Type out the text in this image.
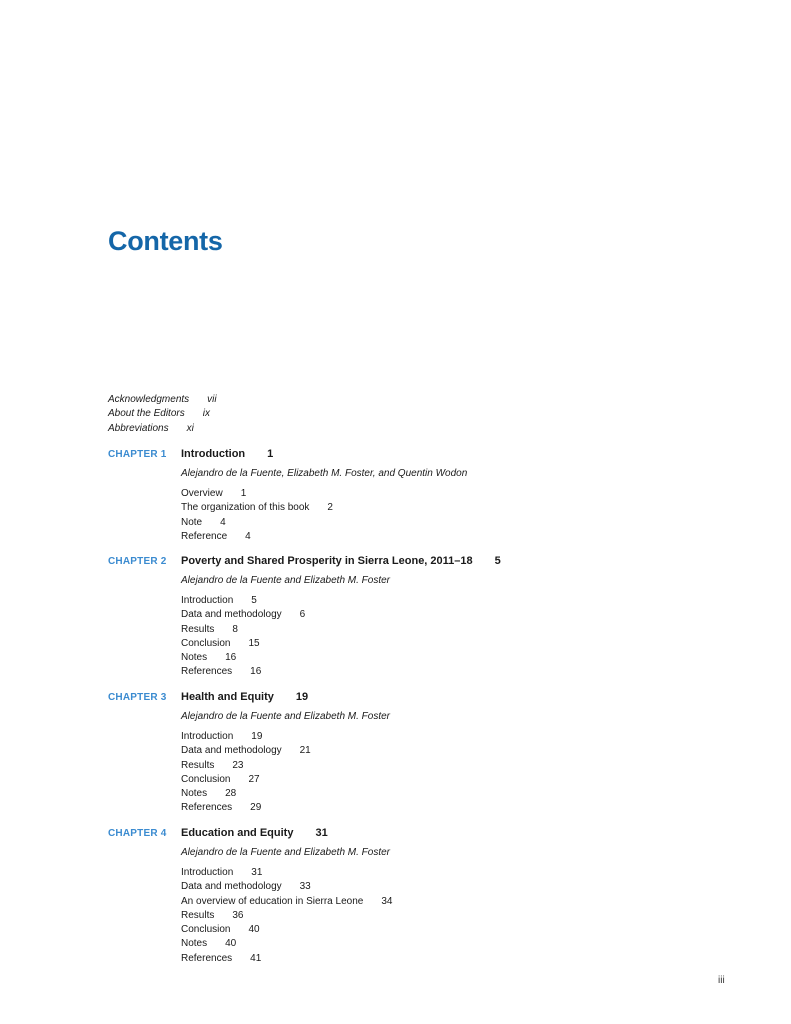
Contents
Acknowledgments vii
About the Editors ix
Abbreviations xi
CHAPTER 1 Introduction 1
Alejandro de la Fuente, Elizabeth M. Foster, and Quentin Wodon
Overview 1
The organization of this book 2
Note 4
Reference 4
CHAPTER 2 Poverty and Shared Prosperity in Sierra Leone, 2011–18 5
Alejandro de la Fuente and Elizabeth M. Foster
Introduction 5
Data and methodology 6
Results 8
Conclusion 15
Notes 16
References 16
CHAPTER 3 Health and Equity 19
Alejandro de la Fuente and Elizabeth M. Foster
Introduction 19
Data and methodology 21
Results 23
Conclusion 27
Notes 28
References 29
CHAPTER 4 Education and Equity 31
Alejandro de la Fuente and Elizabeth M. Foster
Introduction 31
Data and methodology 33
An overview of education in Sierra Leone 34
Results 36
Conclusion 40
Notes 40
References 41
iii
